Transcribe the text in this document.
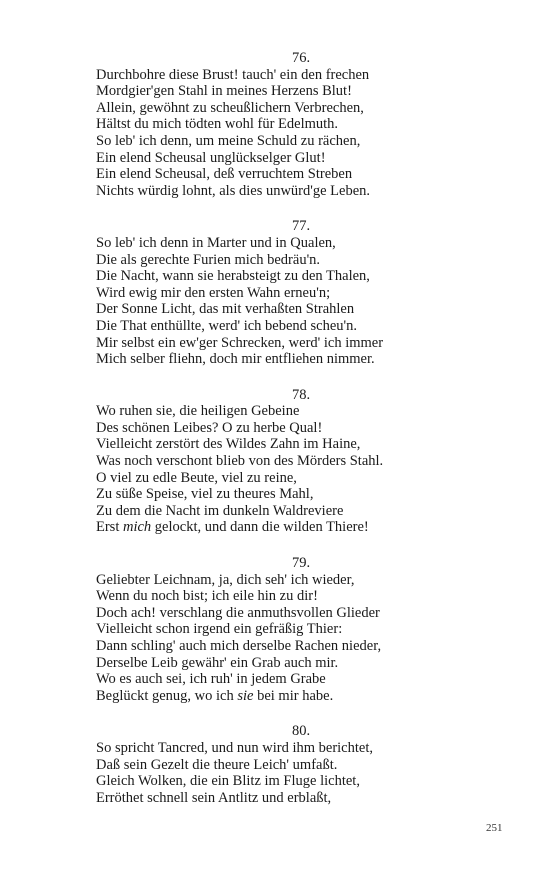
76.
Durchbohre diese Brust! tauch' ein den frechen
Mordgier'gen Stahl in meines Herzens Blut!
Allein, gewöhnt zu scheußlichern Verbrechen,
Hältst du mich tödten wohl für Edelmuth.
So leb' ich denn, um meine Schuld zu rächen,
Ein elend Scheusal unglückselger Glut!
Ein elend Scheusal, deß verruchtem Streben
Nichts würdig lohnt, als dies unwürd'ge Leben.
77.
So leb' ich denn in Marter und in Qualen,
Die als gerechte Furien mich bedräu'n.
Die Nacht, wann sie herabsteigt zu den Thalen,
Wird ewig mir den ersten Wahn erneu'n;
Der Sonne Licht, das mit verhaßten Strahlen
Die That enthüllte, werd' ich bebend scheu'n.
Mir selbst ein ew'ger Schrecken, werd' ich immer
Mich selber fliehn, doch mir entfliehen nimmer.
78.
Wo ruhen sie, die heiligen Gebeine
Des schönen Leibes? O zu herbe Qual!
Vielleicht zerstört des Wildes Zahn im Haine,
Was noch verschont blieb von des Mörders Stahl.
O viel zu edle Beute, viel zu reine,
Zu süße Speise, viel zu theures Mahl,
Zu dem die Nacht im dunkeln Waldreviere
Erst mich gelockt, und dann die wilden Thiere!
79.
Geliebter Leichnam, ja, dich seh' ich wieder,
Wenn du noch bist; ich eile hin zu dir!
Doch ach! verschlang die anmuthsvollen Glieder
Vielleicht schon irgend ein gefräßig Thier:
Dann schling' auch mich derselbe Rachen nieder,
Derselbe Leib gewähr' ein Grab auch mir.
Wo es auch sei, ich ruh' in jedem Grabe
Beglückt genug, wo ich sie bei mir habe.
80.
So spricht Tancred, und nun wird ihm berichtet,
Daß sein Gezelt die theure Leich' umfaßt.
Gleich Wolken, die ein Blitz im Fluge lichtet,
Erröthet schnell sein Antlitz und erblaßt,
251
